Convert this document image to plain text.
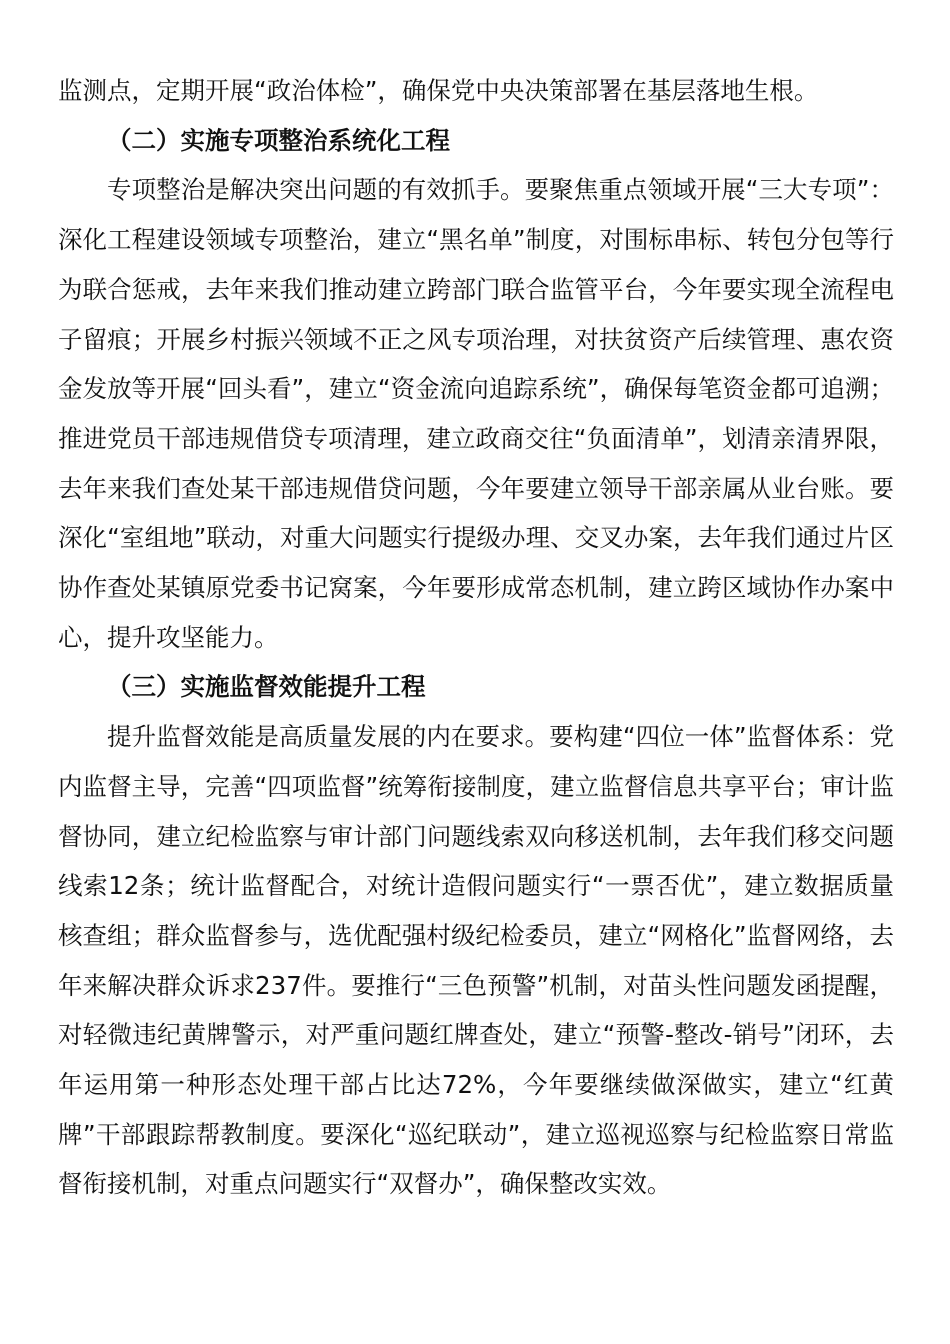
监测点，定期开展“政治体检”，确保党中央决策部署在基层落地生根。

（二）实施专项整治系统化工程

专项整治是解决突出问题的有效抓手。要聚焦重点领域开展“三大专项”：深化工程建设领域专项整治，建立“黑名单”制度，对围标串标、转包分包等行为联合惩戒，去年来我们推动建立跨部门联合监管平台，今年要实现全流程电子留痕；开展乡村振兴领域不正之风专项治理，对扶贫资产后续管理、惠农资金发放等开展“回头看”，建立“资金流向追踪系统”，确保每笔资金都可追溯；推进党员干部违规借贷专项清理，建立政商交往“负面清单”，划清亲清界限，去年来我们查处某干部违规借贷问题，今年要建立领导干部亲属从业台账。要深化“室组地”联动，对重大问题实行提级办理、交叉办案，去年我们通过片区协作查处某镇原党委书记窝案，今年要形成常态机制，建立跨区域协作办案中心，提升攻坚能力。

（三）实施监督效能提升工程

提升监督效能是高质量发展的内在要求。要构建“四位一体”监督体系：党内监督主导，完善“四项监督”统筹衔接制度，建立监督信息共享平台；审计监督协同，建立纪检监察与审计部门问题线索双向移送机制，去年我们移交问题线索12条；统计监督配合，对统计造假问题实行“一票否优”，建立数据质量核查组；群众监督参与，选优配强村级纪检委员，建立“网格化”监督网络，去年来解决群众诉求237件。要推行“三色预警”机制，对苗头性问题发函提醒，对轻微违纪黄牌警示，对严重问题红牌查处，建立“预警-整改-销号”闭环，去年运用第一种形态处理干部占比达72%，今年要继续做深做实，建立“红黄牌”干部跟踪帮教制度。要深化“巡纪联动”，建立巡视巡察与纪检监察日常监督衔接机制，对重点问题实行“双督办”，确保整改实效。
